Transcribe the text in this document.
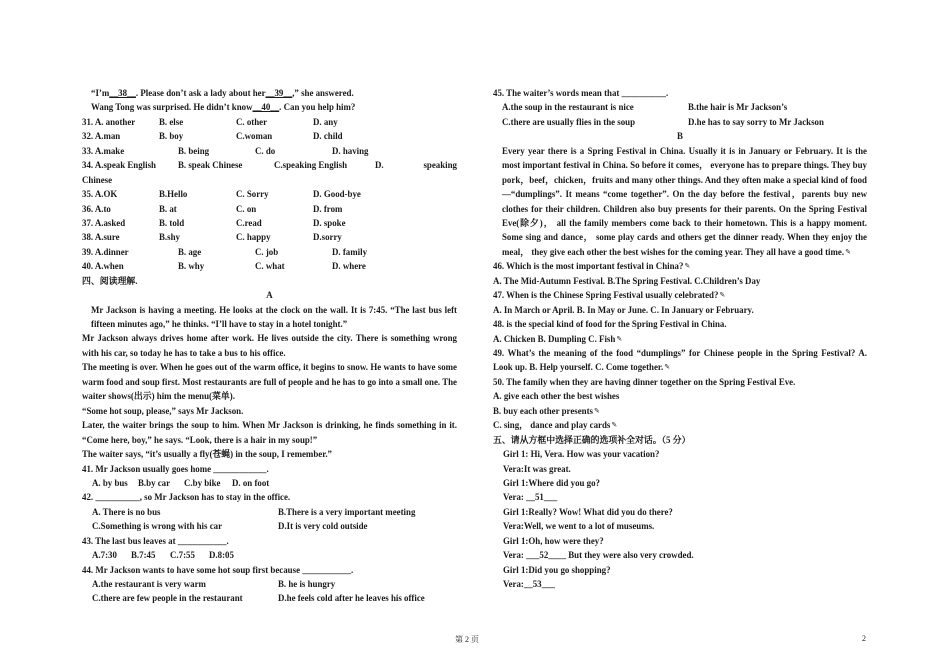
“I’m__38__. Please don’t ask a lady about her__39__,” she answered.
Wang Tong was surprised. He didn’t know__40__. Can you help him?
31. A. another	B. else	C. other	D. any
32. A.man	B. boy	C.woman	D. child
33. A.make	B. being	C. do	D. having
34. A.speak English	B. speak Chinese	C.speaking English	D.	speaking
Chinese
35. A.OK	B.Hello	C. Sorry	D. Good-bye
36. A.to	B. at	C. on	D. from
37. A.asked	B. told	C.read	D. spoke
38. A.sure	B.shy	C. happy	D.sorry
39. A.dinner	B. age	C. job	D. family
40. A.when	B. why	C. what	D. where
四、阅读理解.
A
Mr Jackson is having a meeting. He looks at the clock on the wall. It is 7:45. “The last bus left fifteen minutes ago,” he thinks. “I’ll have to stay in a hotel tonight.”
Mr Jackson always drives home after work. He lives outside the city. There is something wrong with his car, so today he has to take a bus to his office.
The meeting is over. When he goes out of the warm office, it begins to snow. He wants to have some warm food and soup first. Most restaurants are full of people and he has to go into a small one. The waiter shows(出示) him the menu(菜单).
“Some hot soup, please,” says Mr Jackson.
Later, the waiter brings the soup to him. When Mr Jackson is drinking, he finds something in it. “Come here, boy,” he says. “Look, there is a hair in my soup!”
The waiter says, “it’s usually a fly(苍蝇) in the soup, I remember.”
41. Mr Jackson usually goes home ____________.
A. by bus	B.by car	C.by bike	D. on foot
42. __________, so Mr Jackson has to stay in the office.
A. There is no bus	B.There is a very important meeting
C.Something is wrong with his car	D.It is very cold outside
43. The last bus leaves at ___________.
A.7:30	B.7:45	C.7:55	D.8:05
44. Mr Jackson wants to have some hot soup first because ___________.
A.the restaurant is very warm	B. he is hungry
C.there are few people in the restaurant	D.he feels cold after he leaves his office
45. The waiter’s words mean that __________.
A.the soup in the restaurant is nice	B.the hair is Mr Jackson’s
C.there are usually flies in the soup	D.he has to say sorry to Mr Jackson
B
Every year there is a Spring Festival in China. Usually it is in January or February. It is the most important festival in China. So before it comes， everyone has to prepare things. They buy pork，beef，chicken，fruits and many other things. And they often make a special kind of food—“dumplings”. It means “come together”. On the day before the festival，parents buy new clothes for their children. Children also buy presents for their parents. On the Spring Festival Eve(除夕)， all the family members come back to their hometown. This is a happy moment. Some sing and dance， some play cards and others get the dinner ready. When they enjoy the meal， they give each other the best wishes for the coming year. They all have a good time.✎
46. Which is the most important festival in China?✎
A. The Mid-Autumn Festival. B.The Spring Festival. C.Children’s Day
47. When is the Chinese Spring Festival usually celebrated?✎
A. In March or April. B. In May or June. C. In January or February.
48. is the special kind of food for the Spring Festival in China.
A. Chicken B. Dumpling C. Fish✎
49. What’s the meaning of the food “dumplings” for Chinese people in the Spring Festival? A. Look up. B. Help yourself. C. Come together.✎
50. The family when they are having dinner together on the Spring Festival Eve.
A. give each other the best wishes
B. buy each other presents✎
C. sing， dance and play cards✎
五、请从方框中选择正确的选项补全对话。（5 分）
Girl 1: Hi, Vera. How was your vacation?
Vera:It was great.
Girl 1:Where did you go?
Vera: __51___
Girl 1:Really? Wow! What did you do there?
Vera:Well, we went to a lot of museums.
Girl 1:Oh, how were they?
Vera: ___52____ But they were also very crowded.
Girl 1:Did you go shopping?
Vera:__53___
第 2 页	2
